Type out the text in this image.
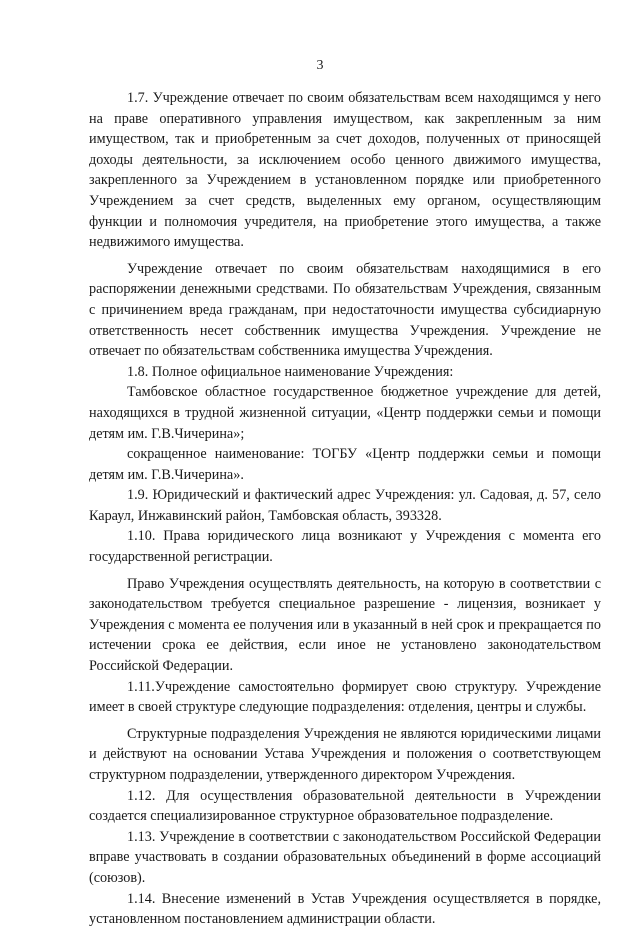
3

1.7. Учреждение отвечает по своим обязательствам всем находящимся у него на праве оперативного управления имуществом, как закрепленным за ним имуществом, так и приобретенным за счет доходов, полученных от приносящей доходы деятельности, за исключением особо ценного движимого имущества, закрепленного за Учреждением в установленном порядке или приобретенного Учреждением за счет средств, выделенных ему органом, осуществляющим функции и полномочия учредителя, на приобретение этого имущества, а также недвижимого имущества.

Учреждение отвечает по своим обязательствам находящимися в его распоряжении денежными средствами. По обязательствам Учреждения, связанным с причинением вреда гражданам, при недостаточности имущества субсидиарную ответственность несет собственник имущества Учреждения. Учреждение не отвечает по обязательствам собственника имущества Учреждения.

1.8. Полное официальное наименование Учреждения:

Тамбовское областное государственное бюджетное учреждение для детей, находящихся в трудной жизненной ситуации, «Центр поддержки семьи и помощи детям им. Г.В.Чичерина»;

сокращенное наименование: ТОГБУ «Центр поддержки семьи и помощи детям им. Г.В.Чичерина».

1.9. Юридический и фактический адрес Учреждения: ул. Садовая, д. 57, село Караул, Инжавинский район, Тамбовская область, 393328.

1.10. Права юридического лица возникают у Учреждения с момента его государственной регистрации.

Право Учреждения осуществлять деятельность, на которую в соответствии с законодательством требуется специальное разрешение - лицензия, возникает у Учреждения с момента ее получения или в указанный в ней срок и прекращается по истечении срока ее действия, если иное не установлено законодательством Российской Федерации.

1.11.Учреждение самостоятельно формирует свою структуру. Учреждение имеет в своей структуре следующие подразделения: отделения, центры и службы.

Структурные подразделения Учреждения не являются юридическими лицами и действуют на основании Устава Учреждения и положения о соответствующем структурном подразделении, утвержденного директором Учреждения.

1.12. Для осуществления образовательной деятельности в Учреждении создается специализированное структурное образовательное подразделение.

1.13. Учреждение в соответствии с законодательством Российской Федерации вправе участвовать в создании образовательных объединений в форме ассоциаций (союзов).

1.14. Внесение изменений в Устав Учреждения осуществляется в порядке, установленном постановлением администрации области.
